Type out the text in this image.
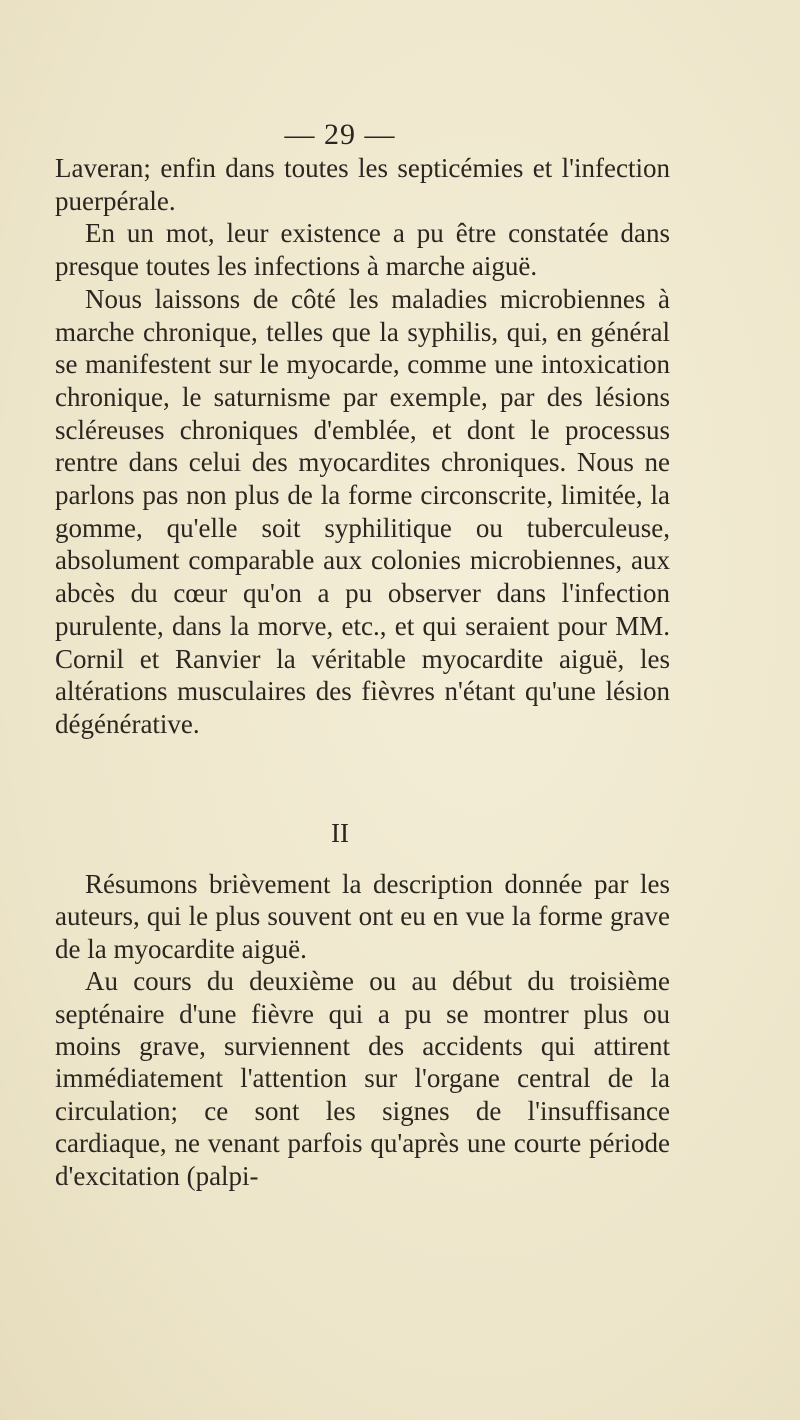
— 29 —

Laveran; enfin dans toutes les septicémies et l'infection puerpérale.

En un mot, leur existence a pu être constatée dans presque toutes les infections à marche aiguë.

Nous laissons de côté les maladies microbiennes à marche chronique, telles que la syphilis, qui, en général se manifestent sur le myocarde, comme une intoxication chronique, le saturnisme par exemple, par des lésions scléreuses chroniques d'emblée, et dont le processus rentre dans celui des myocardites chroniques. Nous ne parlons pas non plus de la forme circonscrite, limitée, la gomme, qu'elle soit syphilitique ou tuberculeuse, absolument comparable aux colonies microbiennes, aux abcès du cœur qu'on a pu observer dans l'infection purulente, dans la morve, etc., et qui seraient pour MM. Cornil et Ranvier la véritable myocardite aiguë, les altérations musculaires des fièvres n'étant qu'une lésion dégénérative.

II

Résumons brièvement la description donnée par les auteurs, qui le plus souvent ont eu en vue la forme grave de la myocardite aiguë.

Au cours du deuxième ou au début du troisième septénaire d'une fièvre qui a pu se montrer plus ou moins grave, surviennent des accidents qui attirent immédiatement l'attention sur l'organe central de la circulation; ce sont les signes de l'insuffisance cardiaque, ne venant parfois qu'après une courte période d'excitation (palpi-
